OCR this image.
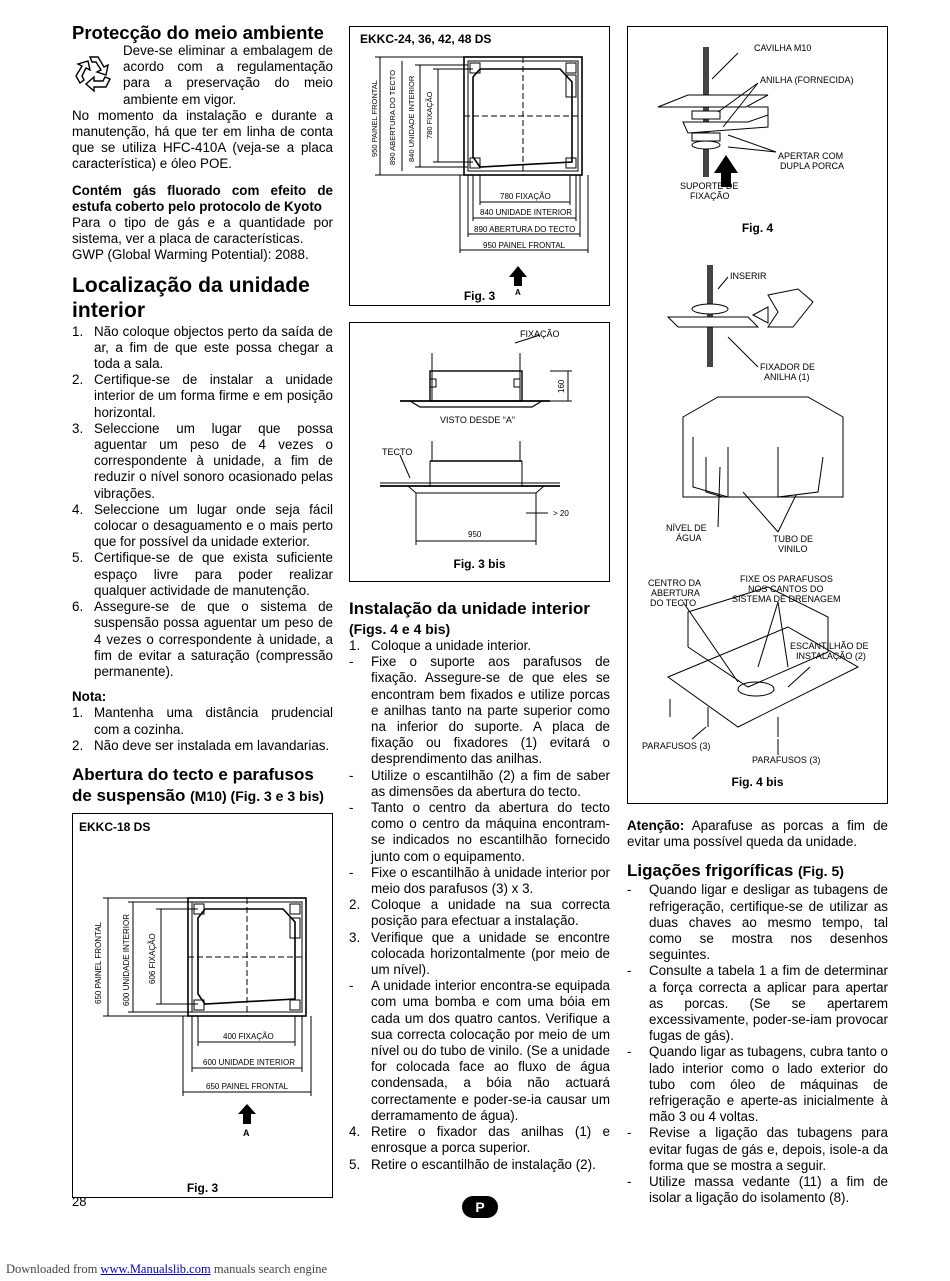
Protecção do meio ambiente

Deve-se eliminar a embalagem de acordo com a regulamentação para a preservação do meio ambiente em vigor.

No momento da instalação e durante a manutenção, há que ter em linha de conta que se utiliza HFC-410A (veja-se a placa característica) e óleo POE.

Contém gás fluorado com efeito de estufa coberto pelo protocolo de Kyoto

Para o tipo de gás e a quantidade por sistema, ver a placa de características.

GWP (Global Warming Potential): 2088.

Localização da unidade interior
1. Não coloque objectos perto da saída de ar, a fim de que este possa chegar a toda a sala.
2. Certifique-se de instalar a unidade interior de um forma firme e em posição horizontal.
3. Seleccione um lugar que possa aguentar um peso de 4 vezes o correspondente à unidade, a fim de reduzir o nível sonoro ocasionado pelas vibrações.
4. Seleccione um lugar onde seja fácil colocar o desaguamento e o mais perto que for possível da unidade exterior.
5. Certifique-se de que exista suficiente espaço livre para poder realizar qualquer actividade de manutenção.
6. Assegure-se de que o sistema de suspensão possa aguentar um peso de 4 vezes o correspondente à unidade, a fim de evitar a saturação (compressão permanente).

Nota:

1. Mantenha uma distância prudencial com a cozinha.
2. Não deve ser instalada em lavandarias.
Abertura do tecto e parafusos de suspensão (M10) (Fig. 3 e 3 bis)
EKKC-18 DS
650 PAINEL FRONTAL 600 UNIDADE INTERIOR 606 FIXAÇÃO
400 FIXAÇÃO
600 UNIDADE INTERIOR
650 PAINEL FRONTAL
A
Fig. 3
EKKC-24, 36, 42, 48 DS
950 PAINEL FRONTAL 890 ABERTURA DO TECTO 840 UNIDADE INTERIOR 780 FIXAÇÃO
780 FIXAÇÃO
840 UNIDADE INTERIOR
890 ABERTURA DO TECTO
950 PAINEL FRONTAL
A
Fig. 3
FIXAÇÃO
160
VISTO DESDE “A”
TECTO
> 20
950
Fig. 3 bis
Instalação da unidade interior
(Figs. 4 e 4 bis)
1. Coloque a unidade interior.
- Fixe o suporte aos parafusos de fixação. Assegure-se de que eles se encontram bem fixados e utilize porcas e anilhas tanto na parte superior como na inferior do suporte. A placa de fixação ou fixadores (1) evitará o desprendimento das anilhas.
- Utilize o escantilhão (2) a fim de saber as dimensões da abertura do tecto.
- Tanto o centro da abertura do tecto como o centro da máquina encontram-se indicados no escantilhão fornecido junto com o equipamento.
- Fixe o escantilhão à unidade interior por meio dos parafusos (3) x 3.
2. Coloque a unidade na sua correcta posição para efectuar a instalação.
3. Verifique que a unidade se encontre colocada horizontalmente (por meio de um nível).
- A unidade interior encontra-se equipada com uma bomba e com uma bóia em cada um dos quatro cantos. Verifique a sua correcta colocação por meio de um nível ou do tubo de vinilo. (Se a unidade for colocada face ao fluxo de água condensada, a bóia não actuará correctamente e poder-se-ia causar um derramamento de água).
4. Retire o fixador das anilhas (1) e enrosque a porca superior.
5. Retire o escantilhão de instalação (2).
CAVILHA M10
ANILHA (FORNECIDA)
APERTAR COM
DUPLA PORCA
SUPORTE DE
FIXAÇÃO
INSERIR
FIXADOR DE
ANILHA (1)
NÍVEL DE
ÁGUA	TUBO DE
VINILO
CENTRO DA
ABERTURA
DO TECTO
FIXE OS PARAFUSOS
NOS CANTOS DO
SISTEMA DE DRENAGEM
ESCANTILHÃO DE
INSTALAÇÃO (2)
PARAFUSOS (3)
PARAFUSOS (3)
Fig. 4
Fig. 4 bis

Atenção: Aparafuse as porcas a fim de evitar uma possível queda da unidade.

Ligações frigoríficas (Fig. 5)
- Quando ligar e desligar as tubagens de refrigeração, certifique-se de utilizar as duas chaves ao mesmo tempo, tal como se mostra nos desenhos seguintes.
- Consulte a tabela 1 a fim de determinar a força correcta a aplicar para apertar as porcas. (Se se apertarem excessivamente, poder-se-iam provocar fugas de gás).
- Quando ligar as tubagens, cubra tanto o lado interior como o lado exterior do tubo com óleo de máquinas de refrigeração e aperte-as inicialmente à mão 3 ou 4 voltas.
- Revise a ligação das tubagens para evitar fugas de gás e, depois, isole-a da forma que se mostra a seguir.
- Utilize massa vedante (11) a fim de isolar a ligação do isolamento (8).
28	P
Downloaded from www.Manualslib.com manuals search engine
